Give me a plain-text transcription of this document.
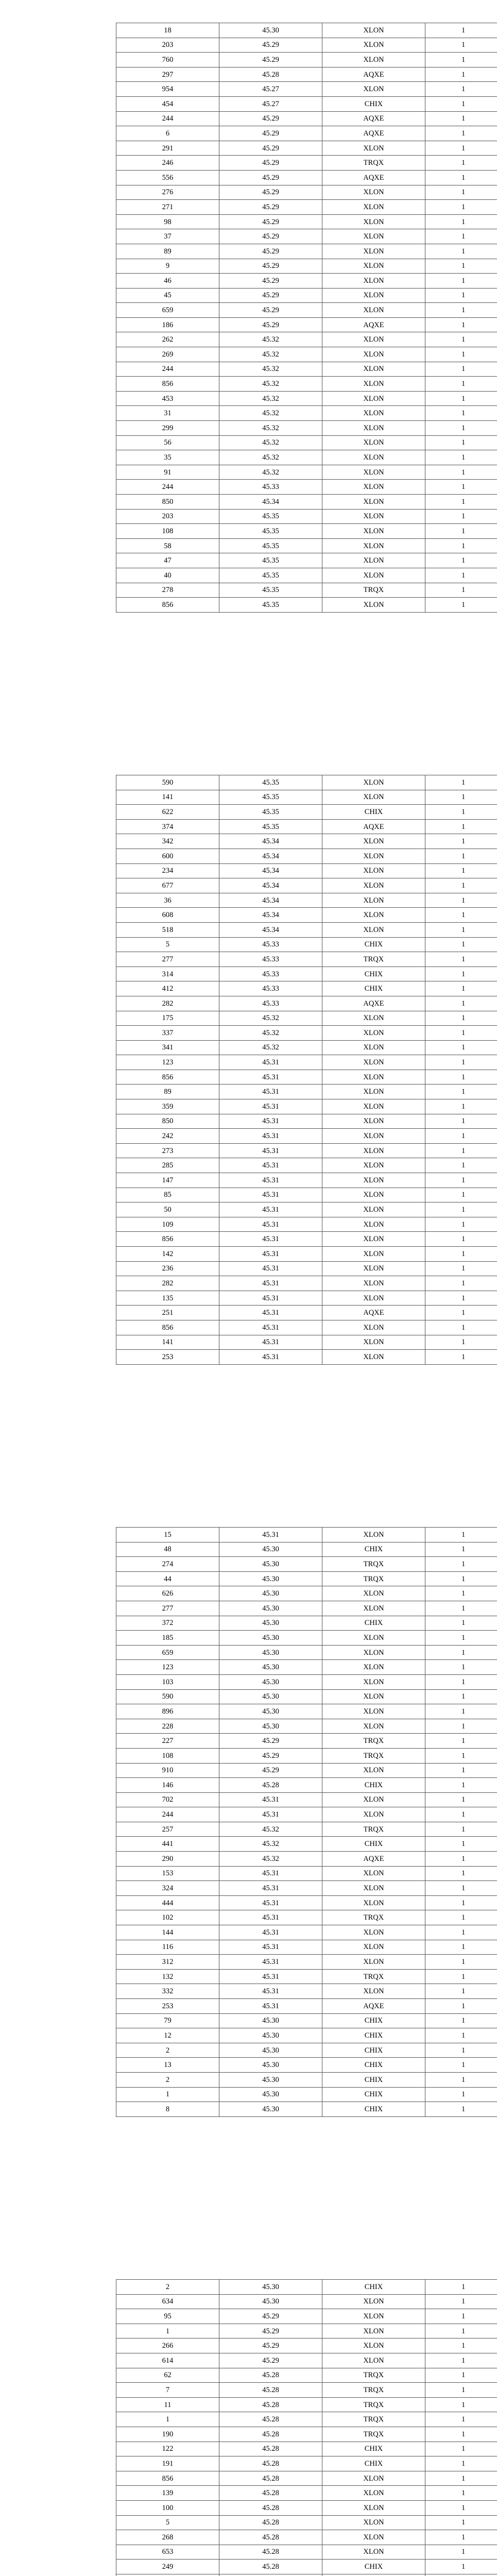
18	45.30	XLON	1
203	45.29	XLON	1
760	45.29	XLON	1
297	45.28	AQXE	1
954	45.27	XLON	1
454	45.27	CHIX	1
244	45.29	AQXE	1
6	45.29	AQXE	1
291	45.29	XLON	1
246	45.29	TRQX	1
556	45.29	AQXE	1
276	45.29	XLON	1
271	45.29	XLON	1
98	45.29	XLON	1
37	45.29	XLON	1
89	45.29	XLON	1
9	45.29	XLON	1
46	45.29	XLON	1
45	45.29	XLON	1
659	45.29	XLON	1
186	45.29	AQXE	1
262	45.32	XLON	1
269	45.32	XLON	1
244	45.32	XLON	1
856	45.32	XLON	1
453	45.32	XLON	1
31	45.32	XLON	1
299	45.32	XLON	1
56	45.32	XLON	1
35	45.32	XLON	1
91	45.32	XLON	1
244	45.33	XLON	1
850	45.34	XLON	1
203	45.35	XLON	1
108	45.35	XLON	1
58	45.35	XLON	1
47	45.35	XLON	1
40	45.35	XLON	1
278	45.35	TRQX	1
856	45.35	XLON	1
590	45.35	XLON	1
141	45.35	XLON	1
622	45.35	CHIX	1
374	45.35	AQXE	1
342	45.34	XLON	1
600	45.34	XLON	1
234	45.34	XLON	1
677	45.34	XLON	1
36	45.34	XLON	1
608	45.34	XLON	1
518	45.34	XLON	1
5	45.33	CHIX	1
277	45.33	TRQX	1
314	45.33	CHIX	1
412	45.33	CHIX	1
282	45.33	AQXE	1
175	45.32	XLON	1
337	45.32	XLON	1
341	45.32	XLON	1
123	45.31	XLON	1
856	45.31	XLON	1
89	45.31	XLON	1
359	45.31	XLON	1
850	45.31	XLON	1
242	45.31	XLON	1
273	45.31	XLON	1
285	45.31	XLON	1
147	45.31	XLON	1
85	45.31	XLON	1
50	45.31	XLON	1
109	45.31	XLON	1
856	45.31	XLON	1
142	45.31	XLON	1
236	45.31	XLON	1
282	45.31	XLON	1
135	45.31	XLON	1
251	45.31	AQXE	1
856	45.31	XLON	1
141	45.31	XLON	1
253	45.31	XLON	1
15	45.31	XLON	1
48	45.30	CHIX	1
274	45.30	TRQX	1
44	45.30	TRQX	1
626	45.30	XLON	1
277	45.30	XLON	1
372	45.30	CHIX	1
185	45.30	XLON	1
659	45.30	XLON	1
123	45.30	XLON	1
103	45.30	XLON	1
590	45.30	XLON	1
896	45.30	XLON	1
228	45.30	XLON	1
227	45.29	TRQX	1
108	45.29	TRQX	1
910	45.29	XLON	1
146	45.28	CHIX	1
702	45.31	XLON	1
244	45.31	XLON	1
257	45.32	TRQX	1
441	45.32	CHIX	1
290	45.32	AQXE	1
153	45.31	XLON	1
324	45.31	XLON	1
444	45.31	XLON	1
102	45.31	TRQX	1
144	45.31	XLON	1
116	45.31	XLON	1
312	45.31	XLON	1
132	45.31	TRQX	1
332	45.31	XLON	1
253	45.31	AQXE	1
79	45.30	CHIX	1
12	45.30	CHIX	1
2	45.30	CHIX	1
13	45.30	CHIX	1
2	45.30	CHIX	1
1	45.30	CHIX	1
8	45.30	CHIX	1
2	45.30	CHIX	1
634	45.30	XLON	1
95	45.29	XLON	1
1	45.29	XLON	1
266	45.29	XLON	1
614	45.29	XLON	1
62	45.28	TRQX	1
7	45.28	TRQX	1
11	45.28	TRQX	1
1	45.28	TRQX	1
190	45.28	TRQX	1
122	45.28	CHIX	1
191	45.28	CHIX	1
856	45.28	XLON	1
139	45.28	XLON	1
100	45.28	XLON	1
5	45.28	XLON	1
268	45.28	XLON	1
653	45.28	XLON	1
249	45.28	CHIX	1
